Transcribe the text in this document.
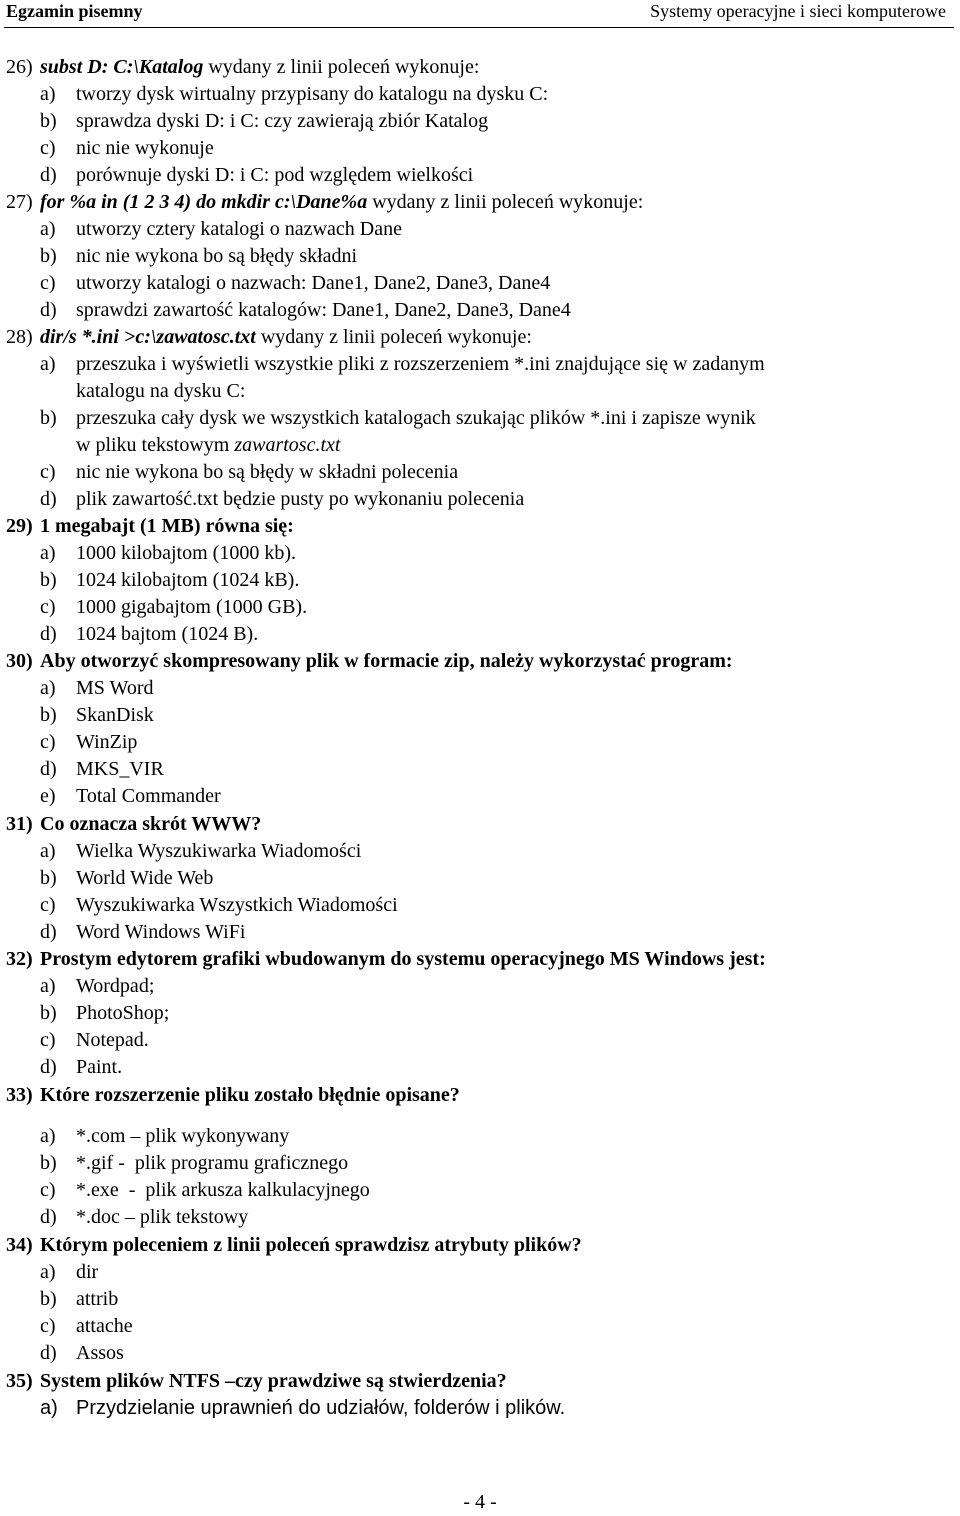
Egzamin pisemny	Systemy operacyjne i sieci komputerowe
26) subst D: C:\Katalog wydany z linii poleceń wykonuje:
a) tworzy dysk wirtualny przypisany do katalogu na dysku C:
b) sprawdza dyski D: i C: czy zawierają zbiór Katalog
c) nic nie wykonuje
d) porównuje dyski D: i C: pod względem wielkości
27) for %a in (1 2 3 4) do mkdir c:\Dane%a wydany z linii poleceń wykonuje:
a) utworzy cztery katalogi o nazwach Dane
b) nic nie wykona bo są błędy składni
c) utworzy katalogi o nazwach: Dane1, Dane2, Dane3, Dane4
d) sprawdzi zawartość katalogów: Dane1, Dane2, Dane3, Dane4
28) dir/s *.ini >c:\zawatosc.txt wydany z linii poleceń wykonuje:
a) przeszuka i wyświetli wszystkie pliki z rozszerzeniem *.ini znajdujące się w zadanym
katalogu na dysku C:
b) przeszuka cały dysk we wszystkich katalogach szukając plików *.ini i zapisze wynik
w pliku tekstowym zawartosc.txt
c) nic nie wykona bo są błędy w składni polecenia
d) plik zawartość.txt będzie pusty po wykonaniu polecenia
29) 1 megabajt (1 MB) równa się:
a) 1000 kilobajtom (1000 kb).
b) 1024 kilobajtom (1024 kB).
c) 1000 gigabajtom (1000 GB).
d) 1024 bajtom (1024 B).
30) Aby otworzyć skompresowany plik w formacie zip, należy wykorzystać program:
a) MS Word
b) SkanDisk
c) WinZip
d) MKS_VIR
e) Total Commander
31) Co oznacza skrót WWW?
a) Wielka Wyszukiwarka Wiadomości
b) World Wide Web
c) Wyszukiwarka Wszystkich Wiadomości
d) Word Windows WiFi
32) Prostym edytorem grafiki wbudowanym do systemu operacyjnego MS Windows jest:
a) Wordpad;
b) PhotoShop;
c) Notepad.
d) Paint.
33) Które rozszerzenie pliku zostało błędnie opisane?
a) *.com – plik wykonywany
b) *.gif -  plik programu graficznego
c) *.exe  -  plik arkusza kalkulacyjnego
d) *.doc – plik tekstowy
34) Którym poleceniem z linii poleceń sprawdzisz atrybuty plików?
a) dir
b) attrib
c) attache
d) Assos
35) System plików NTFS –czy prawdziwe są stwierdzenia?
a) Przydzielanie uprawnień do udziałów, folderów i plików.
- 4 -
